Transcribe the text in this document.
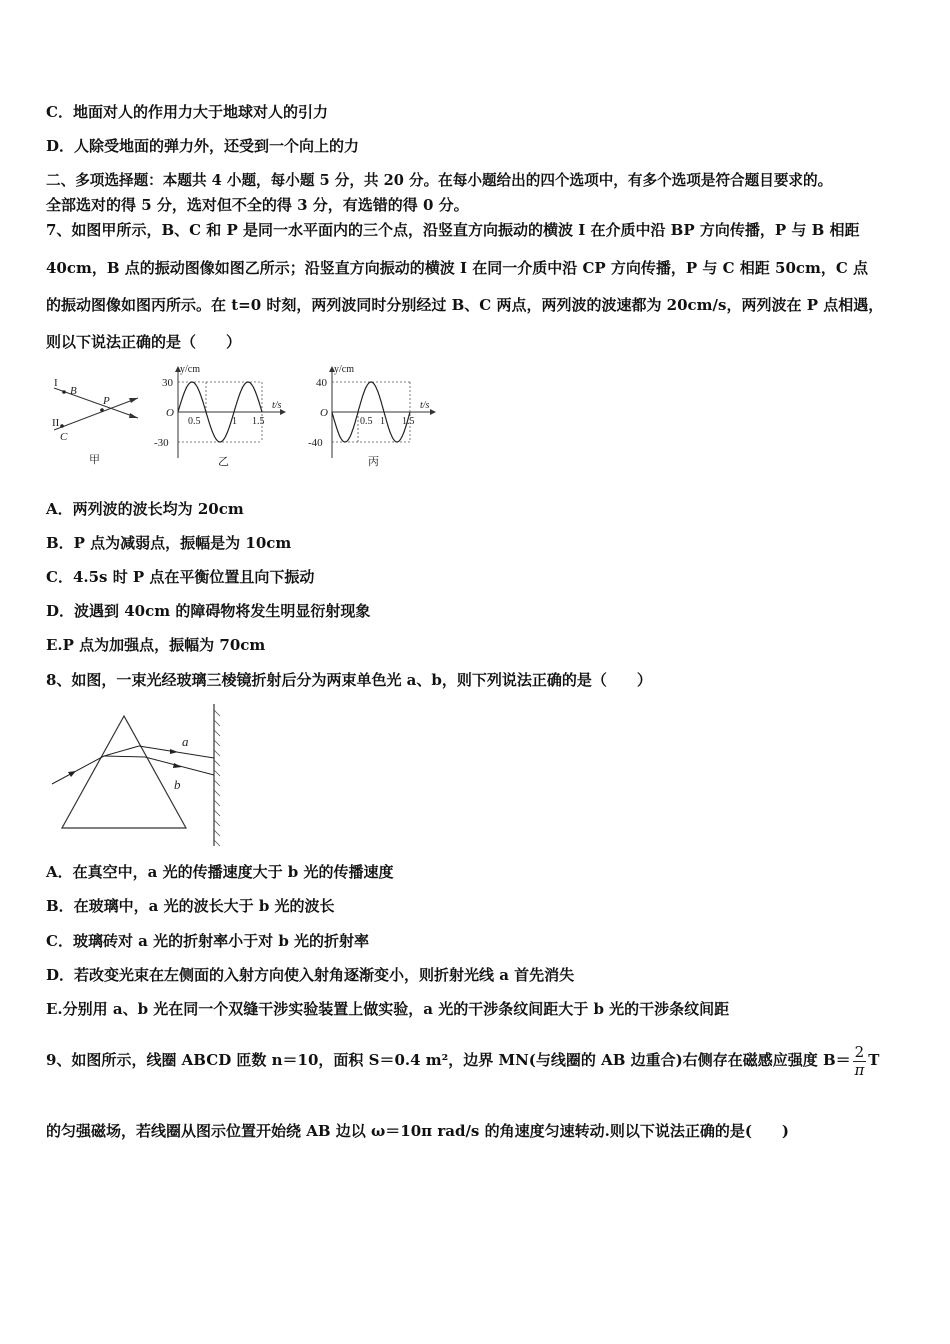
C．地面对人的作用力大于地球对人的引力
D．人除受地面的弹力外，还受到一个向上的力
二、多项选择题：本题共 4 小题，每小题 5 分，共 20 分。在每小题给出的四个选项中，有多个选项是符合题目要求的。
全部选对的得 5 分，选对但不全的得 3 分，有选错的得 0 分。
7、如图甲所示，B、C 和 P 是同一水平面内的三个点，沿竖直方向振动的横波 I 在介质中沿 BP 方向传播，P 与 B 相距
40cm，B 点的振动图像如图乙所示；沿竖直方向振动的横波 I 在同一介质中沿 CP 方向传播，P 与 C 相距 50cm，C 点
的振动图像如图丙所示。在 t=0 时刻，两列波同时分别经过 B、C 两点，两列波的波速都为 20cm/s，两列波在 P 点相遇，
则以下说法正确的是（　　）
I
B
P
II
C
甲
y/cm
t/s
O
30
-30
0.5	1 1.5
乙
y/cm
t/s
O
40
-40
0.5 1 1.5
丙
A．两列波的波长均为 20cm
B．P 点为减弱点，振幅是为 10cm
C．4.5s 时 P 点在平衡位置且向下振动
D．波遇到 40cm 的障碍物将发生明显衍射现象
E.P 点为加强点，振幅为 70cm
8、如图，一束光经玻璃三棱镜折射后分为两束单色光 a、b，则下列说法正确的是（　　）
a
b
A．在真空中，a 光的传播速度大于 b 光的传播速度
B．在玻璃中，a 光的波长大于 b 光的波长
C．玻璃砖对 a 光的折射率小于对 b 光的折射率
D．若改变光束在左侧面的入射方向使入射角逐渐变小，则折射光线 a 首先消失
E.分别用 a、b 光在同一个双缝干涉实验装置上做实验，a 光的干涉条纹间距大于 b 光的干涉条纹间距
9、如图所示，线圈 ABCD 匝数 n＝10，面积 S＝0.4 m²，边界 MN(与线圈的 AB 边重合)右侧存在磁感应强度 $B= \frac{2}{\pi}$ T
的匀强磁场，若线圈从图示位置开始绕 AB 边以 ω＝10π rad/s 的角速度匀速转动.则以下说法正确的是(　　)
